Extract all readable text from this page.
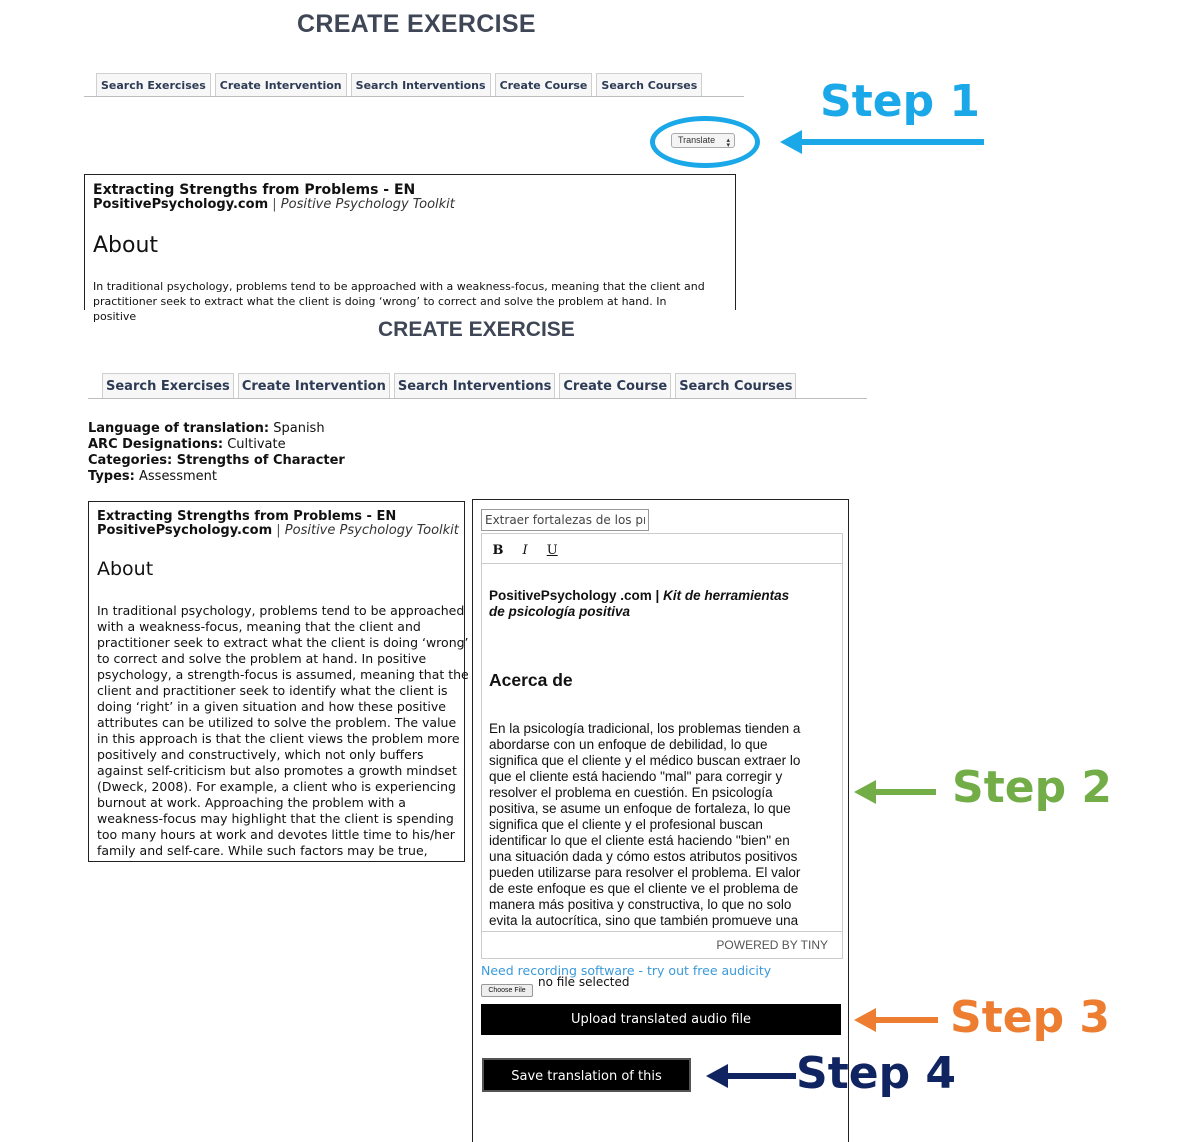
CREATE EXERCISE
Search Exercises	Create Intervention	Search Interventions	Create Course	Search Courses
Translate ▴

▾
Step 1
Extracting Strengths from Problems - EN
PositivePsychology.com | Positive Psychology Toolkit
About
In traditional psychology, problems tend to be approached with a weakness-focus, meaning that the client and practitioner seek to extract what the client is doing ‘wrong’ to correct and solve the problem at hand. In positive
CREATE EXERCISE
Search Exercises Create Intervention Search Interventions Create Course Search Courses
Language of translation: Spanish
ARC Designations: Cultivate
Categories: Strengths of Character
Types: Assessment
Extracting Strengths from Problems - EN
PositivePsychology.com | Positive Psychology Toolkit
About
In traditional psychology, problems tend to be approached
with a weakness-focus, meaning that the client and
practitioner seek to extract what the client is doing ‘wrong’
to correct and solve the problem at hand. In positive
psychology, a strength-focus is assumed, meaning that the
client and practitioner seek to identify what the client is
doing ‘right’ in a given situation and how these positive
attributes can be utilized to solve the problem. The value
in this approach is that the client views the problem more
positively and constructively, which not only buffers
against self-criticism but also promotes a growth mindset
(Dweck, 2008). For example, a client who is experiencing
burnout at work. Approaching the problem with a
weakness-focus may highlight that the client is spending
too many hours at work and devotes little time to his/her
family and self-care. While such factors may be true,
Extraer fortalezas de los pr
B I U
PositivePsychology .com | Kit de herramientas
de psicología positiva
Acerca de
En la psicología tradicional, los problemas tienden a
abordarse con un enfoque de debilidad, lo que
significa que el cliente y el médico buscan extraer lo
que el cliente está haciendo "mal" para corregir y
resolver el problema en cuestión. En psicología
positiva, se asume un enfoque de fortaleza, lo que
significa que el cliente y el profesional buscan
identificar lo que el cliente está haciendo "bien" en
una situación dada y cómo estos atributos positivos
pueden utilizarse para resolver el problema. El valor
de este enfoque es que el cliente ve el problema de
manera más positiva y constructiva, lo que no solo
evita la autocrítica, sino que también promueve una
POWERED BY TINY
Need recording software - try out free audicity
Choose File
no file selected
Upload translated audio file
Save translation of this exercise
Step 2
Step 3
Step 4
